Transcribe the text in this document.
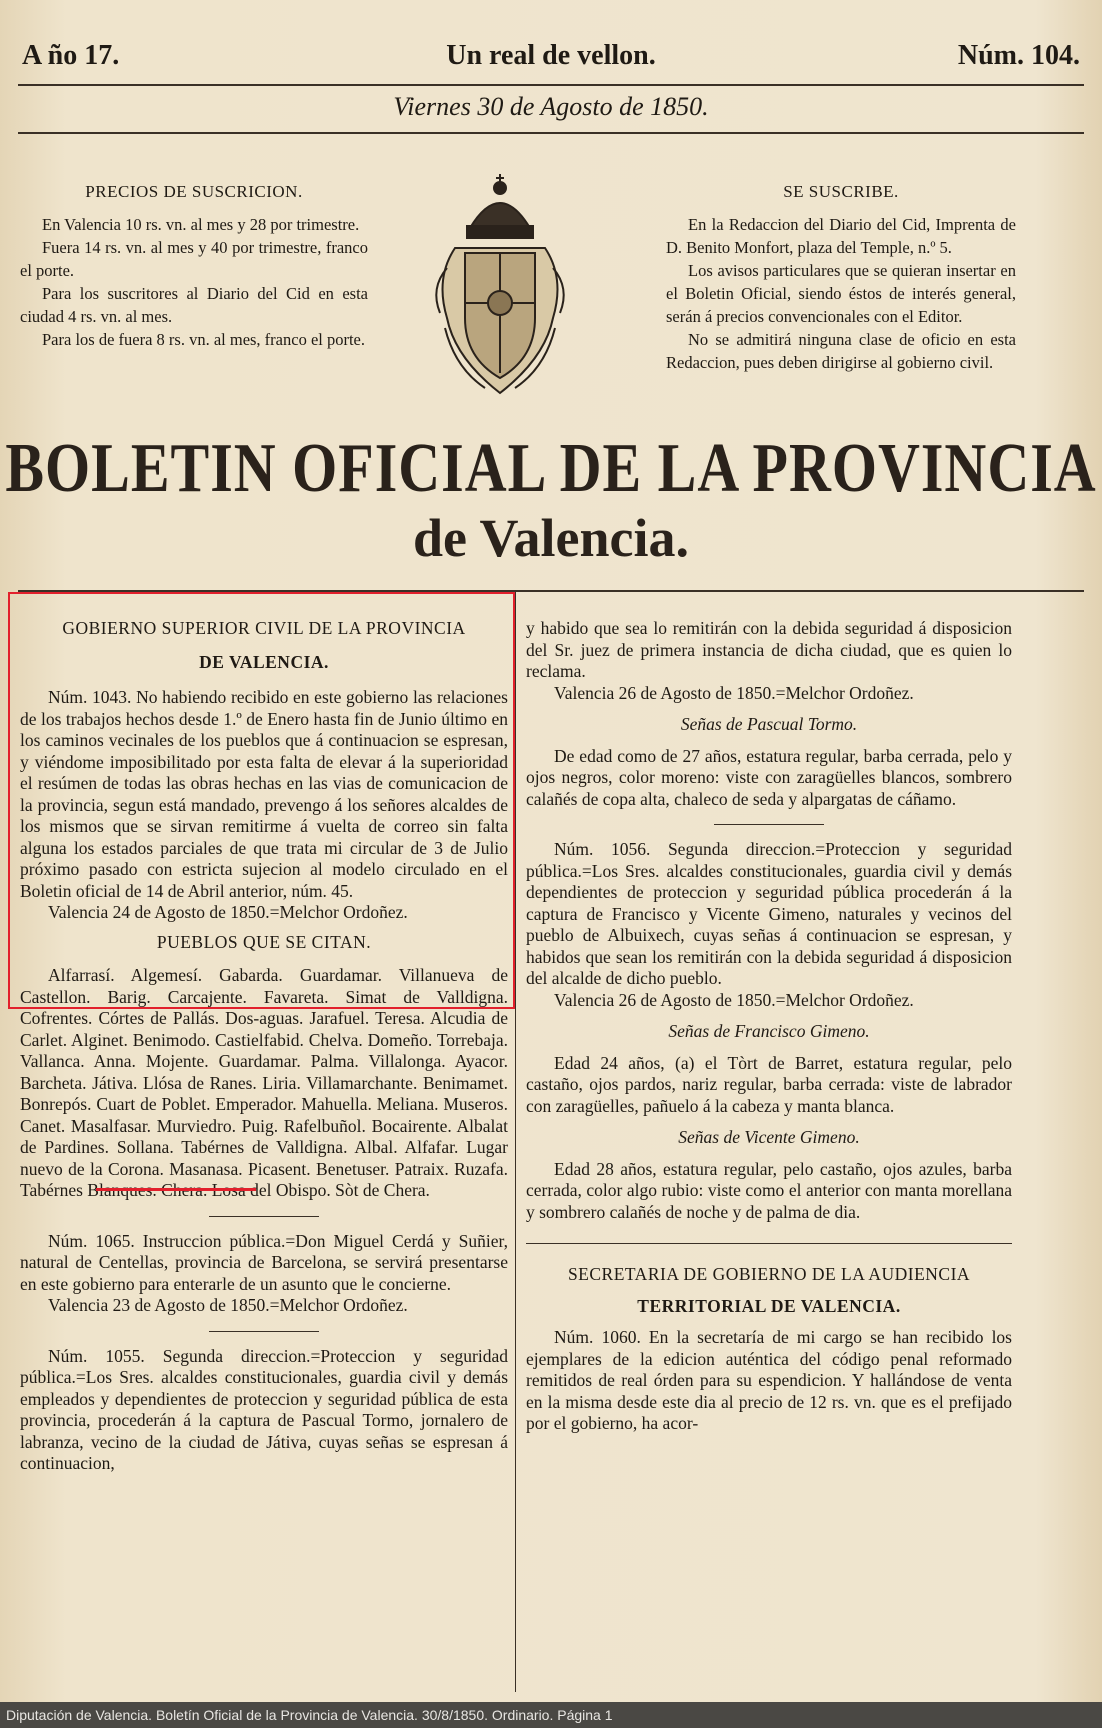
A ño 17.	Un real de vellon.	Núm. 104.
Viernes 30 de Agosto de 1850.
PRECIOS DE SUSCRICION.

En Valencia 10 rs. vn. al mes y 28 por trimestre.

Fuera 14 rs. vn. al mes y 40 por trimestre, franco el porte.

Para los suscritores al Diario del Cid en esta ciudad 4 rs. vn. al mes.

Para los de fuera 8 rs. vn. al mes, franco el porte.

SE SUSCRIBE.

En la Redaccion del Diario del Cid, Imprenta de D. Benito Monfort, plaza del Temple, n.º 5.

Los avisos particulares que se quieran insertar en el Boletin Oficial, siendo éstos de interés general, serán á precios convencionales con el Editor.

No se admitirá ninguna clase de oficio en esta Redaccion, pues deben dirigirse al gobierno civil.

BOLETIN OFICIAL DE LA PROVINCIA
de Valencia.
GOBIERNO SUPERIOR CIVIL DE LA PROVINCIA
DE VALENCIA.

Núm. 1043. No habiendo recibido en este gobierno las relaciones de los trabajos hechos desde 1.º de Enero hasta fin de Junio último en los caminos vecinales de los pueblos que á continuacion se espresan, y viéndome imposibilitado por esta falta de elevar á la superioridad el resúmen de todas las obras hechas en las vias de comunicacion de la provincia, segun está mandado, prevengo á los señores alcaldes de los mismos que se sirvan remitirme á vuelta de correo sin falta alguna los estados parciales de que trata mi circular de 3 de Julio próximo pasado con estricta sujecion al modelo circulado en el Boletin oficial de 14 de Abril anterior, núm. 45.

Valencia 24 de Agosto de 1850.=Melchor Ordoñez.

PUEBLOS QUE SE CITAN.

Alfarrasí. Algemesí. Gabarda. Guardamar. Villanueva de Castellon. Barig. Carcajente. Favareta. Simat de Valldigna. Cofrentes. Córtes de Pallás. Dos-aguas. Jarafuel. Teresa. Alcudia de Carlet. Alginet. Benimodo. Castielfabid. Chelva. Domeño. Torrebaja. Vallanca. Anna. Mojente. Guardamar. Palma. Villalonga. Ayacor. Barcheta. Játiva. Llósa de Ranes. Liria. Villamarchante. Benimamet. Bonrepós. Cuart de Poblet. Emperador. Mahuella. Meliana. Museros. Canet. Masalfasar. Murviedro. Puig. Rafelbuñol. Bocairente. Albalat de Pardines. Sollana. Tabérnes de Valldigna. Albal. Alfafar. Lugar nuevo de la Corona. Masanasa. Picasent. Benetuser. Patraix. Ruzafa. Tabérnes Blanques. Chera. Losa del Obispo. Sòt de Chera.

Núm. 1065. Instruccion pública.=Don Miguel Cerdá y Suñier, natural de Centellas, provincia de Barcelona, se servirá presentarse en este gobierno para enterarle de un asunto que le concierne.

Valencia 23 de Agosto de 1850.=Melchor Ordoñez.

Núm. 1055. Segunda direccion.=Proteccion y seguridad pública.=Los Sres. alcaldes constitucionales, guardia civil y demás empleados y dependientes de proteccion y seguridad pública de esta provincia, procederán á la captura de Pascual Tormo, jornalero de labranza, vecino de la ciudad de Játiva, cuyas señas se espresan á continuacion,

y habido que sea lo remitirán con la debida seguridad á disposicion del Sr. juez de primera instancia de dicha ciudad, que es quien lo reclama.

Valencia 26 de Agosto de 1850.=Melchor Ordoñez.

Señas de Pascual Tormo.

De edad como de 27 años, estatura regular, barba cerrada, pelo y ojos negros, color moreno: viste con zaragüelles blancos, sombrero calañés de copa alta, chaleco de seda y alpargatas de cáñamo.

Núm. 1056. Segunda direccion.=Proteccion y seguridad pública.=Los Sres. alcaldes constitucionales, guardia civil y demás dependientes de proteccion y seguridad pública procederán á la captura de Francisco y Vicente Gimeno, naturales y vecinos del pueblo de Albuixech, cuyas señas á continuacion se espresan, y habidos que sean los remitirán con la debida seguridad á disposicion del alcalde de dicho pueblo.

Valencia 26 de Agosto de 1850.=Melchor Ordoñez.

Señas de Francisco Gimeno.

Edad 24 años, (a) el Tòrt de Barret, estatura regular, pelo castaño, ojos pardos, nariz regular, barba cerrada: viste de labrador con zaragüelles, pañuelo á la cabeza y manta blanca.

Señas de Vicente Gimeno.

Edad 28 años, estatura regular, pelo castaño, ojos azules, barba cerrada, color algo rubio: viste como el anterior con manta morellana y sombrero calañés de noche y de palma de dia.

SECRETARIA DE GOBIERNO DE LA AUDIENCIA
TERRITORIAL DE VALENCIA.

Núm. 1060. En la secretaría de mi cargo se han recibido los ejemplares de la edicion auténtica del código penal reformado remitidos de real órden para su espendicion. Y hallándose de venta en la misma desde este dia al precio de 12 rs. vn. que es el prefijado por el gobierno, ha acor-

Diputación de Valencia. Boletín Oficial de la Provincia de Valencia. 30/8/1850. Ordinario. Página 1
